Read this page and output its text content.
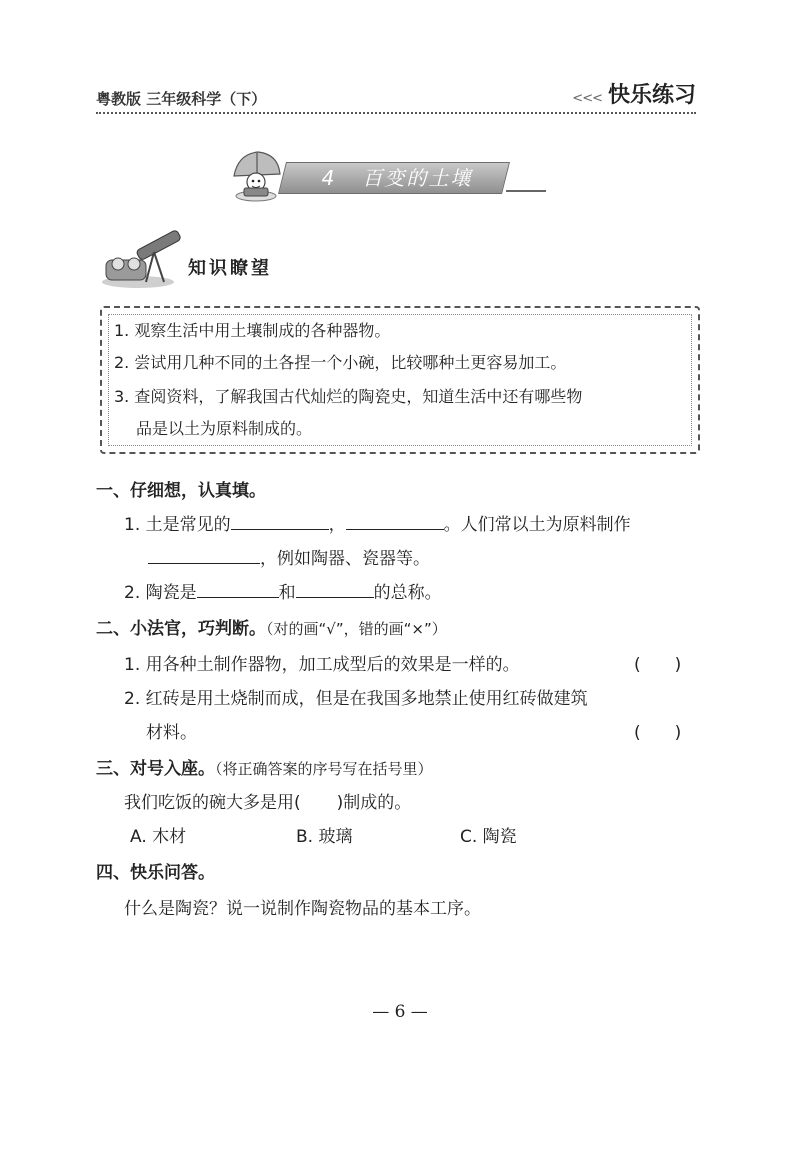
粤教版 三年级科学（下）	<<< 快乐练习
4 百变的土壤
知识瞭望
1. 观察生活中用土壤制成的各种器物。
2. 尝试用几种不同的土各捏一个小碗，比较哪种土更容易加工。
3. 查阅资料，了解我国古代灿烂的陶瓷史，知道生活中还有哪些物
品是以土为原料制成的。
一、仔细想，认真填。
1. 土是常见的	，	。人们常以土为原料制作
，例如陶器、瓷器等。
2. 陶瓷是	和	的总称。
二、小法官，巧判断。（对的画“√”，错的画“×”）
1. 用各种土制作器物，加工成型后的效果是一样的。	(　　)
2. 红砖是用土烧制而成，但是在我国多地禁止使用红砖做建筑
材料。	(　　)
三、对号入座。（将正确答案的序号写在括号里）
我们吃饭的碗大多是用( )制成的。
A. 木材	B. 玻璃	C. 陶瓷
四、快乐问答。
什么是陶瓷？说一说制作陶瓷物品的基本工序。
— 6 —
